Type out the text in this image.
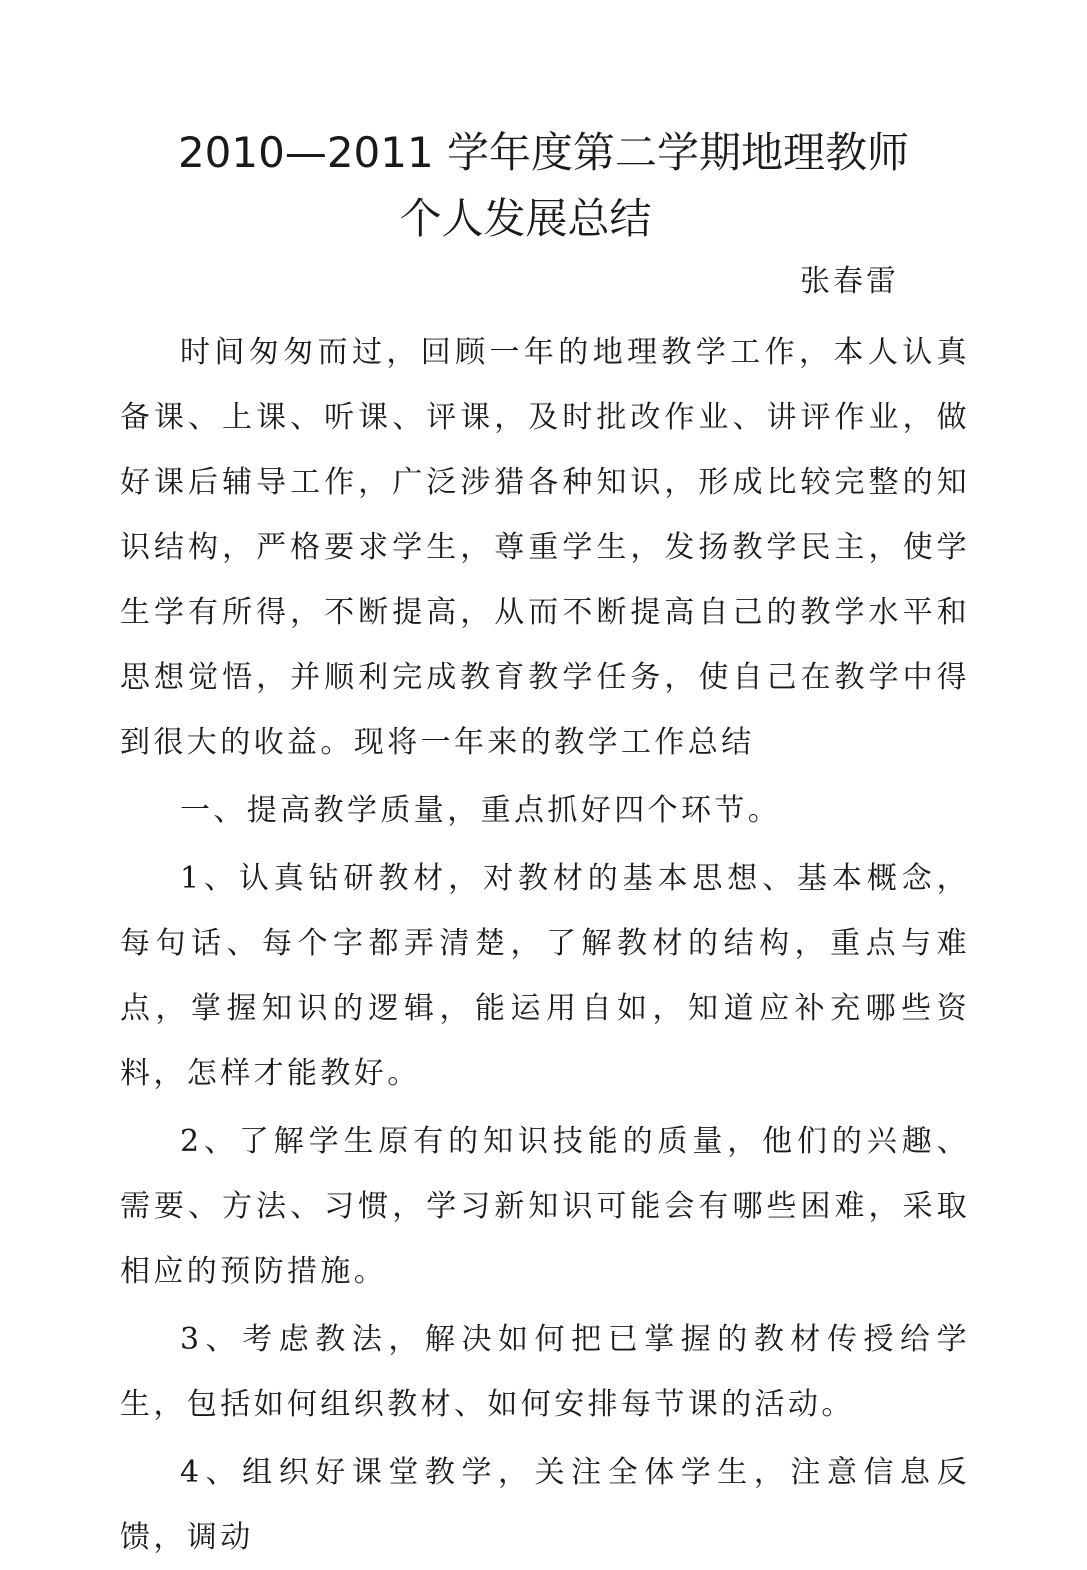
2010—2011 学年度第二学期地理教师
个人发展总结
张春雷

时间匆匆而过，回顾一年的地理教学工作，本人认真备课、上课、听课、评课，及时批改作业、讲评作业，做好课后辅导工作，广泛涉猎各种知识，形成比较完整的知识结构，严格要求学生，尊重学生，发扬教学民主，使学生学有所得，不断提高，从而不断提高自己的教学水平和思想觉悟，并顺利完成教育教学任务，使自己在教学中得到很大的收益。现将一年来的教学工作总结

一、提高教学质量，重点抓好四个环节。

1、认真钻研教材，对教材的基本思想、基本概念，每句话、每个字都弄清楚，了解教材的结构，重点与难点，掌握知识的逻辑，能运用自如，知道应补充哪些资料，怎样才能教好。

2、了解学生原有的知识技能的质量，他们的兴趣、需要、方法、习惯，学习新知识可能会有哪些困难，采取相应的预防措施。

3、考虑教法，解决如何把已掌握的教材传授给学生，包括如何组织教材、如何安排每节课的活动。

4、组织好课堂教学，关注全体学生，注意信息反馈，调动
